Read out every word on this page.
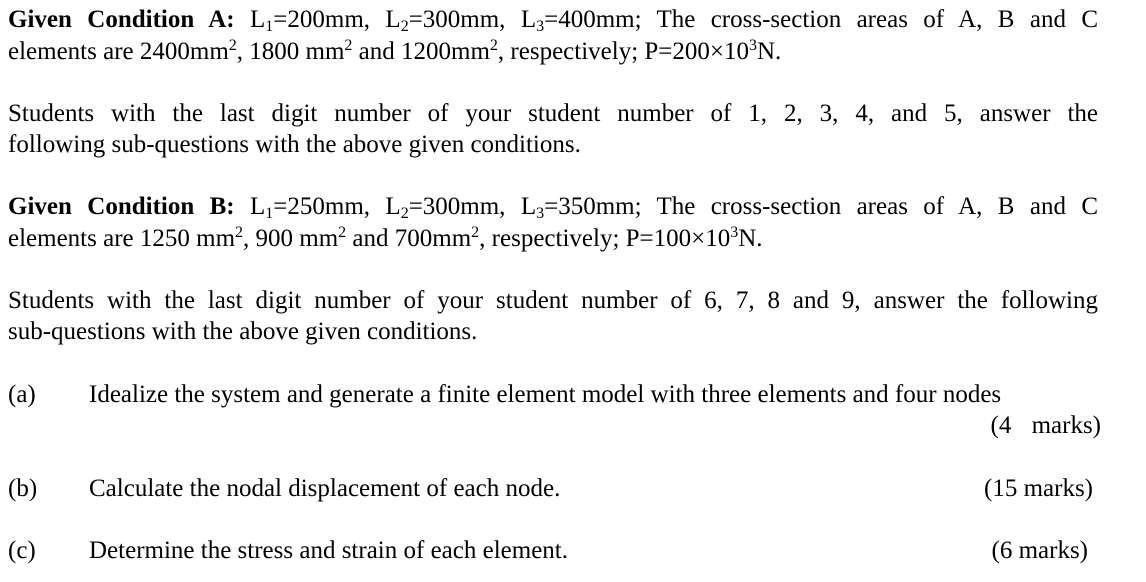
Given Condition A: $L_1=200mm$, $L_2=300mm$, $L_3=400mm$; The cross-section areas of A, B and C
elements are $2400mm^2$, 1800 $mm^2$ and $1200mm^2$, respectively; $P=200\times 10^3N$.
Students with the last digit number of your student number of 1, 2, 3, 4, and 5, answer the
following sub-questions with the above given conditions.
Given Condition B: $L_1=250mm$, $L_2=300mm$, $L_3=350mm$; The cross-section areas of A, B and C
elements are 1250 $mm^2$, 900 $mm^2$ and $700mm^2$, respectively; $P=100\times 10^3N$.
Students with the last digit number of your student number of 6, 7, 8 and 9, answer the following
sub-questions with the above given conditions.
(a) Idealize the system and generate a finite element model with three elements and four nodes
(4 marks)
(b) Calculate the nodal displacement of each node.	(15 marks)
(c) Determine the stress and strain of each element.	(6 marks)
